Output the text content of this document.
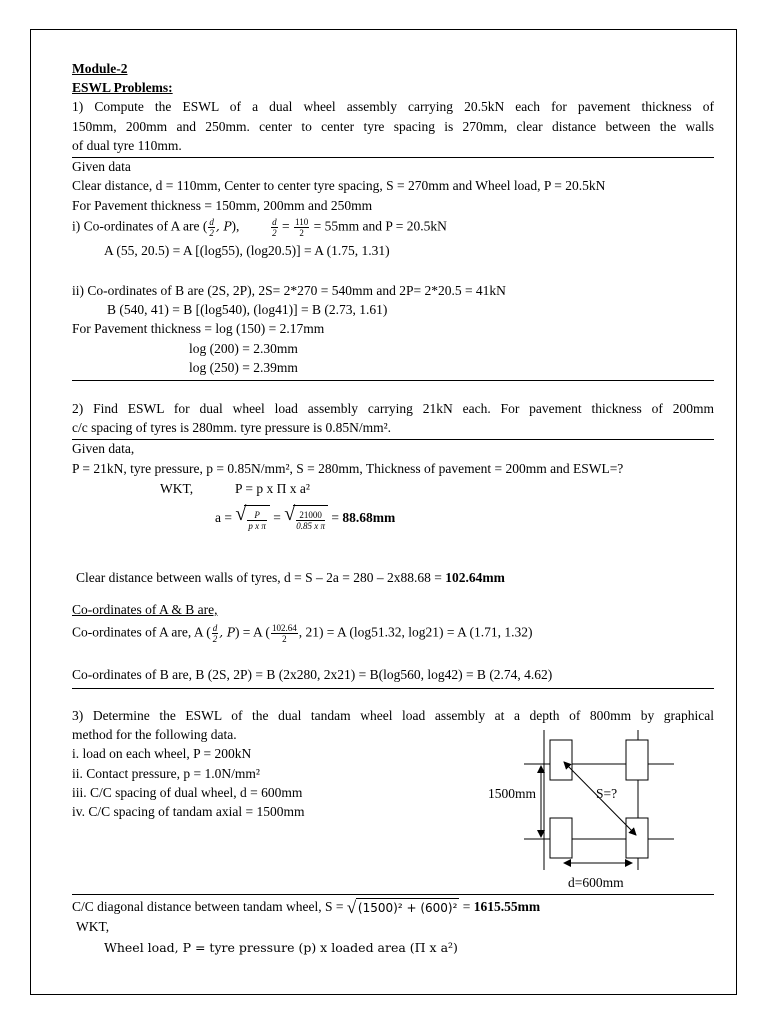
Module-2
ESWL Problems:
1) Compute the ESWL of a dual wheel assembly carrying 20.5kN each for pavement thickness of
150mm, 200mm and 250mm. center to center tyre spacing is 270mm, clear distance between the walls
of dual tyre 110mm.
Given data
Clear distance, d = 110mm, Center to center tyre spacing, S = 270mm and Wheel load, P = 20.5kN
For Pavement thickness = 150mm, 200mm and 250mm
i) Co-ordinates of A are ( $\frac{d}{2}$ , P),	$\frac{d}{2} = \frac{110}{2} = 55mm$ and P = 20.5kN
A (55, 20.5) = A [(log55), (log20.5)] = A (1.75, 1.31)
ii) Co-ordinates of B are (2S, 2P), 2S= 2*270 = 540mm and 2P= 2*20.5 = 41kN
B (540, 41) = B [(log540), (log41)] = B (2.73, 1.61)
For Pavement thickness = log (150) = 2.17mm
log (200) = 2.30mm
log (250) = 2.39mm
2) Find ESWL for dual wheel load assembly carrying 21kN each. For pavement thickness of 200mm
c/c spacing of tyres is 280mm. tyre pressure is 0.85N/mm².
Given data,
P = 21kN, tyre pressure, p = 0.85N/mm², S = 280mm, Thickness of pavement = 200mm and ESWL=?
WKT,	P = p x Π x a²
a = √ $\frac{P}{\text{p x π}}$ = √ $\frac{21000}{\text{0.85 x π}} = 88.68mm$
Clear distance between walls of tyres, d = S – 2a = 280 – 2x88.68 = 102.64mm
Co-ordinates of A & B are,
Co-ordinates of A are, A ( $\frac{d}{2}$ , P) = A ( $\frac{102.64}{2}$ , 21) = A (log51.32, log21) = A (1.71, 1.32)
Co-ordinates of B are, B (2S, 2P) = B (2x280, 2x21) = B(log560, log42) = B (2.74, 4.62)
3) Determine the ESWL of the dual tandam wheel load assembly at a depth of 800mm by graphical
method for the following data.
i. load on each wheel, P = 200kN
ii. Contact pressure, p = 1.0N/mm²
iii. C/C spacing of dual wheel, d = 600mm
iv. C/C spacing of tandam axial = 1500mm
1500mm	S=?
d=600mm
C/C diagonal distance between tandam wheel, S = √ (1500)² + (600)² = 1615.55mm
WKT,
Wheel load, P = tyre pressure (p) x loaded area (Π x a²)
